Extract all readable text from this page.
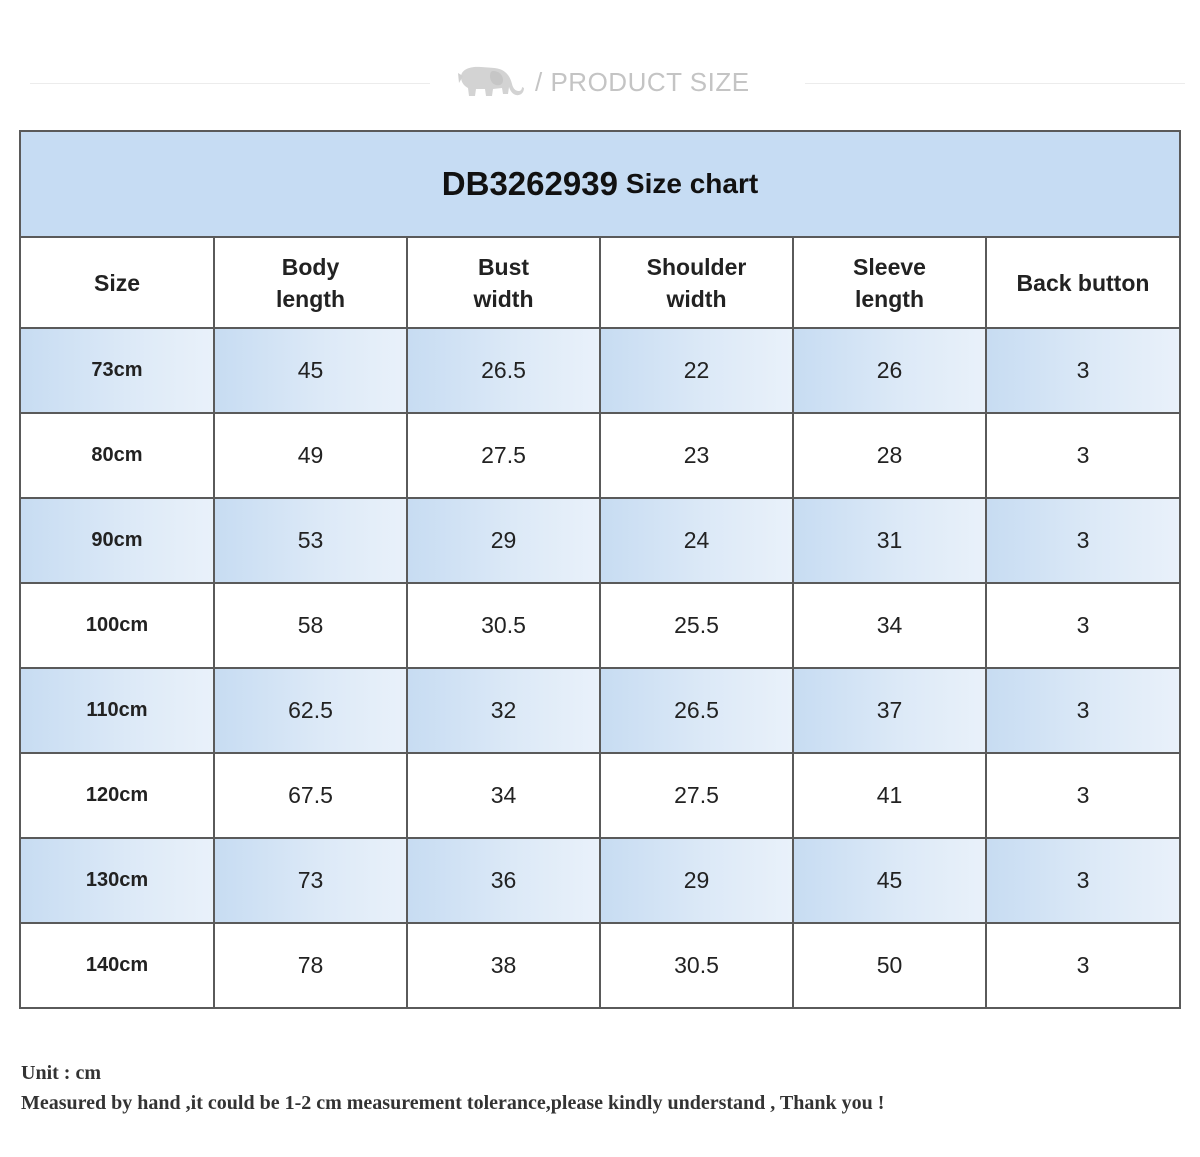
/ PRODUCT SIZE
DB3262939 Size chart
Size	Body length	Bust width	Shoulder width	Sleeve length	Back button
73cm	45	26.5	22	26	3
80cm	49	27.5	23	28	3
90cm	53	29	24	31	3
100cm	58	30.5	25.5	34	3
110cm	62.5	32	26.5	37	3
120cm	67.5	34	27.5	41	3
130cm	73	36	29	45	3
140cm	78	38	30.5	50	3
Unit : cm
Measured by hand ,it could be 1-2 cm measurement tolerance,please kindly understand , Thank you !
